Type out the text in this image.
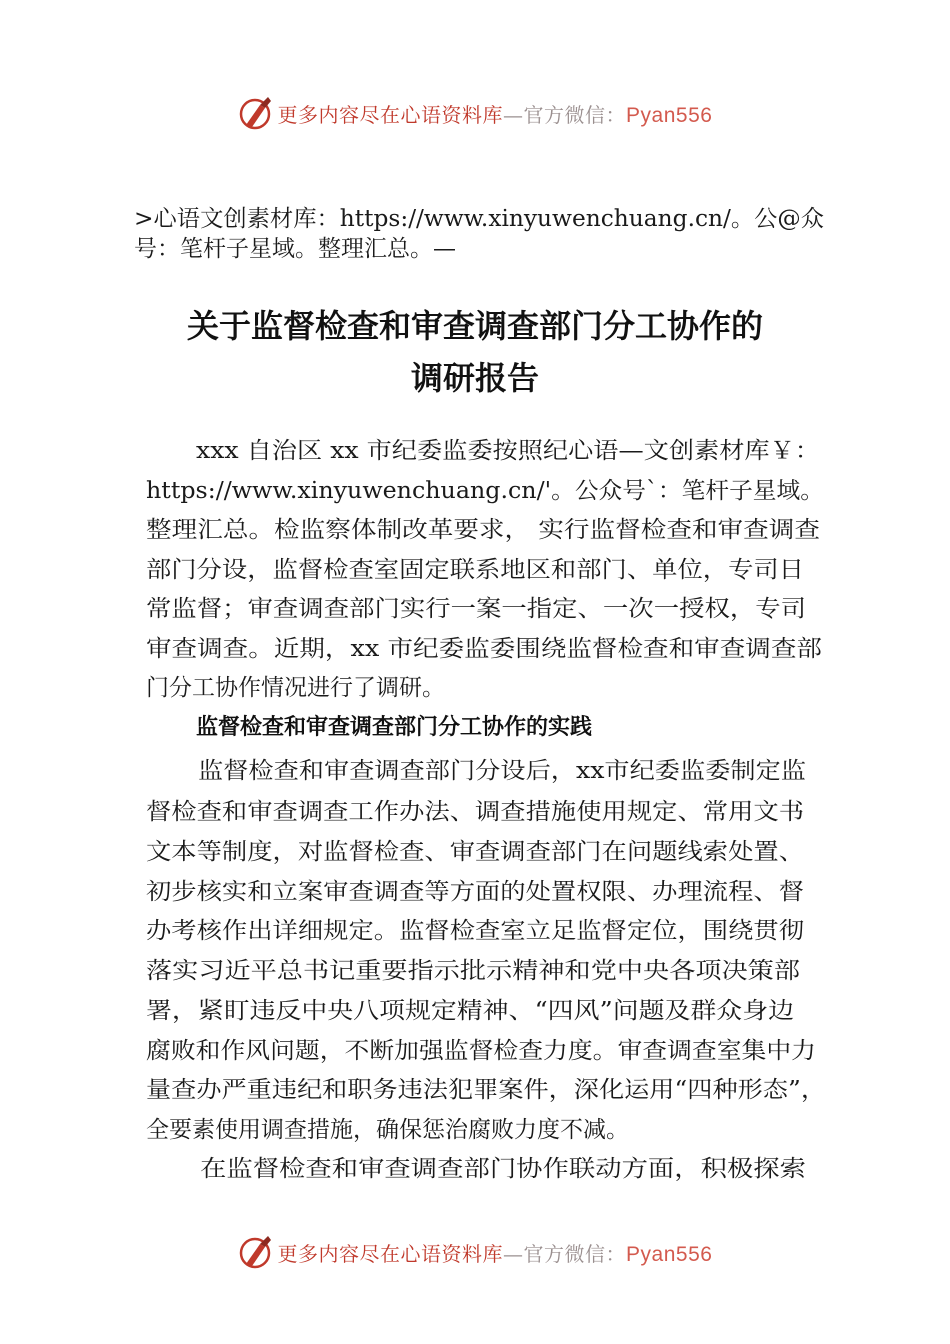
更多内容尽在心语资料库—官方微信：Pyan556
>心语文创素材库：https://www.xinyuwenchuang.cn/。公@众
号：笔杆子星域。整理汇总。—
关于监督检查和审查调查部门分工协作的
调研报告
xxx 自治区 xx 市纪委监委按照纪心语—文创素材库￥：
https://www.xinyuwenchuang.cn/'。公众号`：笔杆子星域。
整理汇总。检监察体制改革要求， 实行监督检查和审查调查
部门分设，监督检查室固定联系地区和部门、单位，专司日
常监督；审查调查部门实行一案一指定、一次一授权，专司
审查调查。近期，xx 市纪委监委围绕监督检查和审查调查部
门分工协作情况进行了调研。
监督检查和审查调查部门分工协作的实践
监督检查和审查调查部门分设后，xx市纪委监委制定监
督检查和审查调查工作办法、调查措施使用规定、常用文书
文本等制度，对监督检查、审查调查部门在问题线索处置、
初步核实和立案审查调查等方面的处置权限、办理流程、督
办考核作出详细规定。监督检查室立足监督定位，围绕贯彻
落实习近平总书记重要指示批示精神和党中央各项决策部
署，紧盯违反中央八项规定精神、“四风”问题及群众身边
腐败和作风问题，不断加强监督检查力度。审查调查室集中力
量查办严重违纪和职务违法犯罪案件，深化运用“四种形态”，
全要素使用调查措施，确保惩治腐败力度不减。
在监督检查和审查调查部门协作联动方面，积极探索
更多内容尽在心语资料库—官方微信：Pyan556
